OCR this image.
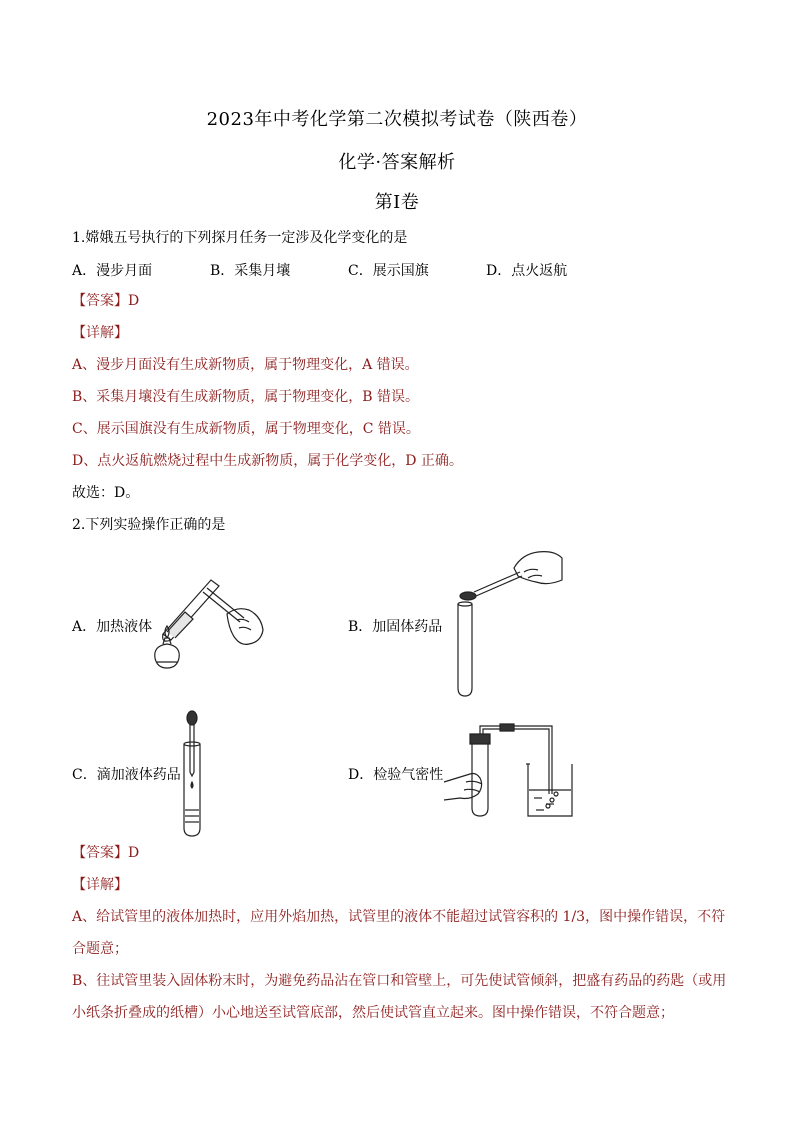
2023年中考化学第二次模拟考试卷（陕西卷）
化学·答案解析
第Ⅰ卷
1.嫦娥五号执行的下列探月任务一定涉及化学变化的是
A．漫步月面	B．采集月壤	C．展示国旗	D．点火返航
【答案】D
【详解】
A、漫步月面没有生成新物质，属于物理变化，A 错误。
B、采集月壤没有生成新物质，属于物理变化，B 错误。
C、展示国旗没有生成新物质，属于物理变化，C 错误。
D、点火返航燃烧过程中生成新物质，属于化学变化，D 正确。
故选：D。
2.下列实验操作正确的是
A．加热液体	B．加固体药品
C．滴加液体药品	D．检验气密性
【答案】D
【详解】
A、给试管里的液体加热时，应用外焰加热，试管里的液体不能超过试管容积的 1/3，图中操作错误，不符
合题意；
B、往试管里装入固体粉末时，为避免药品沾在管口和管壁上，可先使试管倾斜，把盛有药品的药匙（或用
小纸条折叠成的纸槽）小心地送至试管底部，然后使试管直立起来。图中操作错误，不符合题意；
